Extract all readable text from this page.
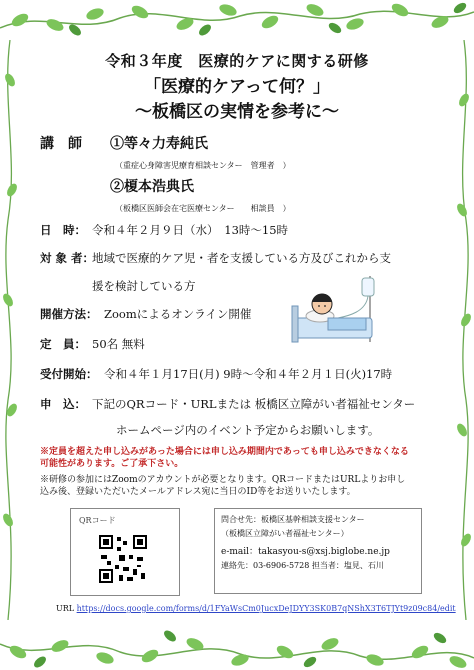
令和３年度　医療的ケアに関する研修
「医療的ケアって何？」
～板橋区の実情を参考に～
講　師 ①等々力寿純氏
（重症心身障害児療育相談センター　管理者　）
②榎本浩典氏
（板橋区医師会在宅医療センター　　相談員　）
日　時： 令和４年２月９日（水）　13時～15時
対 象 者：
地域で医療的ケア児・者を支援している方及びこれから支
援を検討している方
開催方法： Zoomによるオンライン開催
定　員： 50名 無料
受付開始： 令和４年１月17日(月) 9時～令和４年２月１日(火)17時
申　込： 下記のQRコード・URLまたは 板橋区立障がい者福祉センター
ホームページ内のイベント予定からお願いします。
※定員を超えた申し込みがあった場合には申し込み期間内であっても申し込みできなくなる
可能性があります。ご了承下さい。
※研修の参加にはZoomのアカウントが必要となります。QRコードまたはURLよりお申し
込み後、登録いただいたメールアドレス宛に当日のID等をお送りいたします。
QRコード	問合せ先：板橋区基幹相談支援センター
（板橋区立障がい者福祉センター）
e-mail：takasyou-s@xsj.biglobe.ne.jp
連絡先：03-6906-5728 担当者：塩見、石川
URL https://docs.google.com/forms/d/1FYaWsCm0JucxDeJDYY3SK0B7qNShX3T6TJYt9z09c84/edit
